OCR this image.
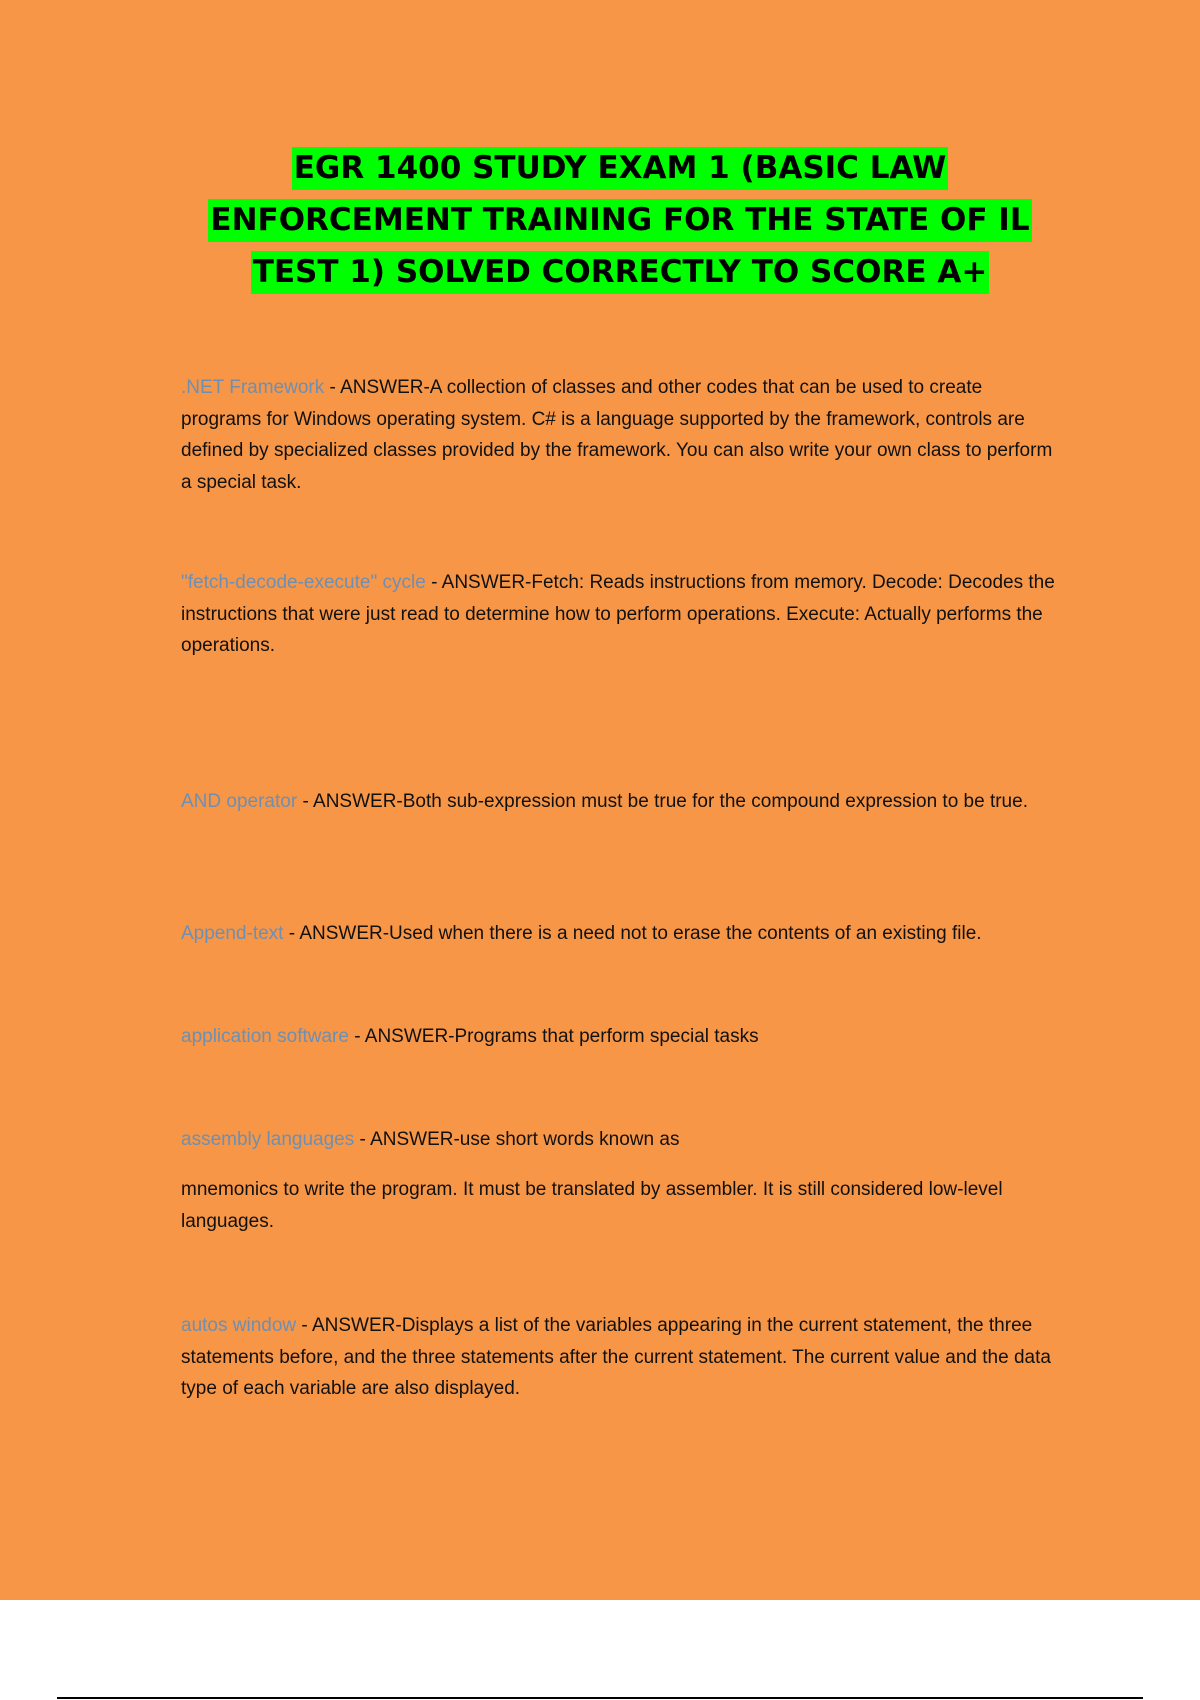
EGR 1400 STUDY EXAM 1 (BASIC LAW
ENFORCEMENT TRAINING FOR THE STATE OF IL
TEST 1) SOLVED CORRECTLY TO SCORE A+
.NET Framework - ANSWER-A collection of classes and other codes that can be used to create programs for Windows operating system. C# is a language supported by the framework, controls are defined by specialized classes provided by the framework. You can also write your own class to perform a special task.
"fetch-decode-execute" cycle - ANSWER-Fetch: Reads instructions from memory. Decode: Decodes the instructions that were just read to determine how to perform operations. Execute: Actually performs the operations.
AND operator - ANSWER-Both sub-expression must be true for the compound expression to be true.
Append-text - ANSWER-Used when there is a need not to erase the contents of an existing file.
application software - ANSWER-Programs that perform special tasks
assembly languages - ANSWER-use short words known as
mnemonics to write the program. It must be translated by assembler. It is still considered low-level languages.
autos window - ANSWER-Displays a list of the variables appearing in the current statement, the three statements before, and the three statements after the current statement. The current value and the data type of each variable are also displayed.
